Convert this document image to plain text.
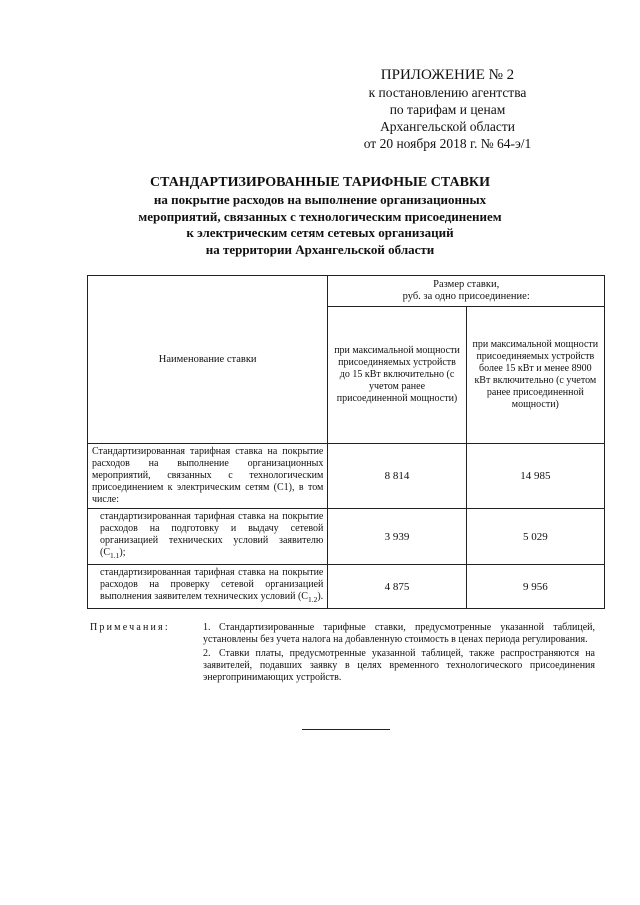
ПРИЛОЖЕНИЕ № 2
к постановлению агентства
по тарифам и ценам
Архангельской области
от 20 ноября 2018 г. № 64-э/1
СТАНДАРТИЗИРОВАННЫЕ ТАРИФНЫЕ СТАВКИ
на покрытие расходов на выполнение организационных
мероприятий, связанных с технологическим присоединением
к электрическим сетям сетевых организаций
на территории Архангельской области
Наименование ставки	Размер ставки,
руб. за одно присоединение:	

	при максимальной мощности присоединяемых устройств до 15 кВт включительно (с учетом ранее присоединенной мощности)	при максимальной мощности присоединяемых устройств более 15 кВт и менее 8900 кВт включительно (с учетом ранее присоединенной мощности)
Стандартизированная тарифная ставка на покрытие расходов на выполнение организационных мероприятий, связанных с технологическим присоединением к электрическим сетям (С1), в том числе:	8 814	14 985
стандартизированная тарифная ставка на покрытие расходов на подготовку и выдачу сетевой организацией технических условий заявителю $(С_{1.1})$;	3 939	5 029
стандартизированная тарифная ставка на покрытие расходов на проверку сетевой организацией выполнения заявителем технических условий $(С_{1.2})$.	4 875	9 956
Примечания:	1. Стандартизированные тарифные ставки, предусмотренные указанной таблицей, установлены без учета налога на добавленную стоимость в ценах периода регулирования.
2. Ставки платы, предусмотренные указанной таблицей, также распространяются на заявителей, подавших заявку в целях временного технологического присоединения энергопринимающих устройств.
